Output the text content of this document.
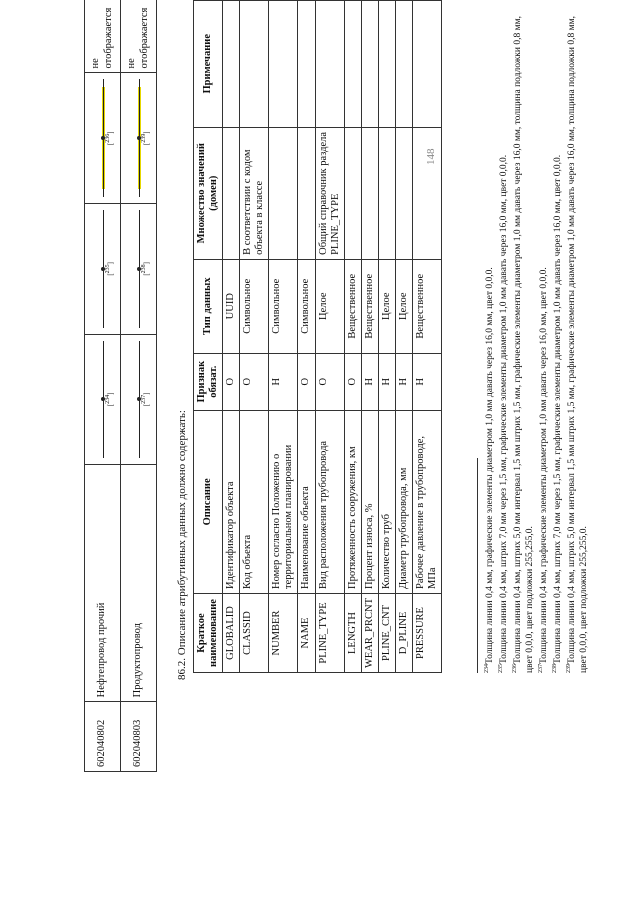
148
602040802	Нефтепровод прочий	[$^{234}$]	[$^{235}$]	[$^{236}$]	не отображается
602040803	Продуктопровод	[$^{237}$]	[$^{238}$]	[$^{239}$]	не отображается
86.2. Описание атрибутивных данных должно содержать: Краткое наименование	Описание	Признак обязат.	Тип данных	Множество значений (домен)	Примечание
GLOBALID	Идентификатор объекта	О	UUID		
CLASSID	Код объекта	О	Символьное	В соответствии с кодом объекта в классе	
NUMBER	Номер согласно Положению о территориальном планировании	Н	Символьное		
NAME	Наименование объекта	О	Символьное		
PLINE_TYPE	Вид расположения трубопровода	О	Целое	Общий справочник раздела PLINE_TYPE	
LENGTH	Протяженность сооружения, км	О	Вещественное		
WEAR_PRCNT	Процент износа, %	Н	Вещественное		
PLINE_CNT	Количество труб	Н	Целое		
D_PLINE	Диаметр трубопровода, мм	Н	Целое		
PRESSURE	Рабочее давление в трубопроводе, МПа	Н	Вещественное		

$^{234}$Толщина линии 0,4 мм, графические элементы диаметром 1,0 мм давать через 16,0 мм, цвет 0,0,0.

$^{235}$Толщина линии 0,4 мм, штрих 7,0 мм через 1,5 мм, графические элементы диаметром 1,0 мм давать через 16,0 мм, цвет 0,0,0.

$^{236}$Толщина линии 0,4 мм, штрих 5,0 мм интервал 1,5 мм штрих 1,5 мм, графические элементы диаметром 1,0 мм давать через 16,0 мм, толщина подложки 0,8 мм, цвет 0,0,0, цвет подложки 255,255,0. $^{237}$Толщина линии 0,4 мм, графические элементы диаметром 1,0 мм давать через 16,0 мм, цвет 0,0,0.

$^{238}$Толщина линии 0,4 мм, штрих 7,0 мм через 1,5 мм, графические элементы диаметром 1,0 мм давать через 16,0 мм, цвет 0,0,0.

$^{239}$Толщина линии 0,4 мм, штрих 5,0 мм интервал 1,5 мм штрих 1,5 мм, графические элементы диаметром 1,0 мм давать через 16,0 мм, толщина подложки 0,8 мм, цвет 0,0,0, цвет подложки 255,255,0.
